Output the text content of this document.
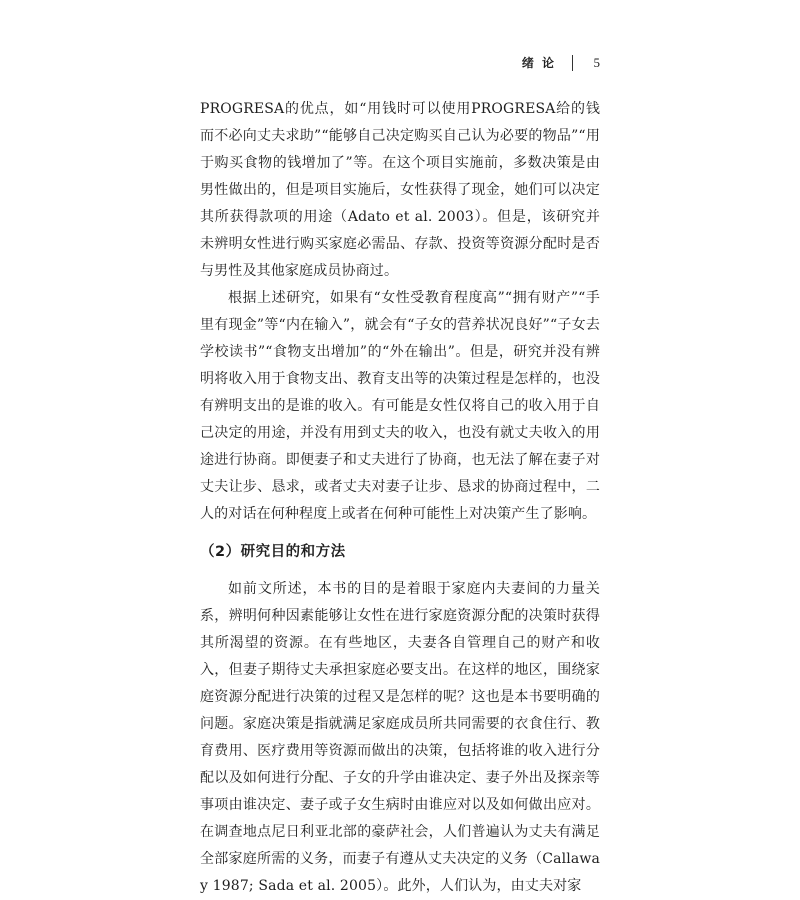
绪 论	5

PROGRESA的优点，如“用钱时可以使用PROGRESA给的钱而不必向丈夫求助”“能够自己决定购买自己认为必要的物品”“用于购买食物的钱增加了”等。在这个项目实施前，多数决策是由男性做出的，但是项目实施后，女性获得了现金，她们可以决定其所获得款项的用途（Adato et al. 2003）。但是，该研究并未辨明女性进行购买家庭必需品、存款、投资等资源分配时是否与男性及其他家庭成员协商过。

根据上述研究，如果有“女性受教育程度高”“拥有财产”“手里有现金”等“内在输入”，就会有“子女的营养状况良好”“子女去学校读书”“食物支出增加”的“外在输出”。但是，研究并没有辨明将收入用于食物支出、教育支出等的决策过程是怎样的，也没有辨明支出的是谁的收入。有可能是女性仅将自己的收入用于自己决定的用途，并没有用到丈夫的收入，也没有就丈夫收入的用途进行协商。即便妻子和丈夫进行了协商，也无法了解在妻子对丈夫让步、恳求，或者丈夫对妻子让步、恳求的协商过程中，二人的对话在何种程度上或者在何种可能性上对决策产生了影响。

（2）研究目的和方法

如前文所述，本书的目的是着眼于家庭内夫妻间的力量关系，辨明何种因素能够让女性在进行家庭资源分配的决策时获得其所渴望的资源。在有些地区，夫妻各自管理自己的财产和收入，但妻子期待丈夫承担家庭必要支出。在这样的地区，围绕家庭资源分配进行决策的过程又是怎样的呢？这也是本书要明确的问题。家庭决策是指就满足家庭成员所共同需要的衣食住行、教育费用、医疗费用等资源而做出的决策，包括将谁的收入进行分配以及如何进行分配、子女的升学由谁决定、妻子外出及探亲等事项由谁决定、妻子或子女生病时由谁应对以及如何做出应对。在调查地点尼日利亚北部的豪萨社会，人们普遍认为丈夫有满足全部家庭所需的义务，而妻子有遵从丈夫决定的义务（Callaway 1987; Sada et al. 2005）。此外，人们认为，由丈夫对家
